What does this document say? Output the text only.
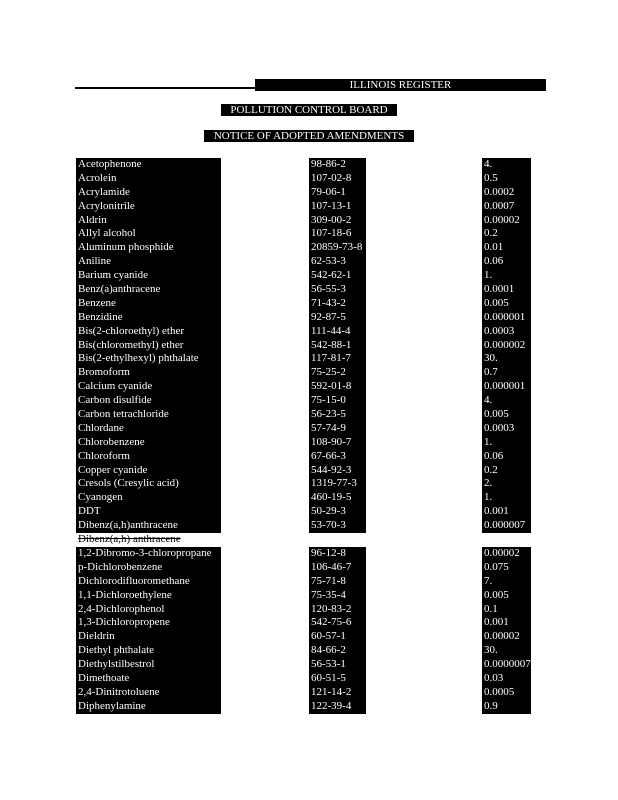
ILLINOIS REGISTER
POLLUTION CONTROL BOARD
NOTICE OF ADOPTED AMENDMENTS
Acetophenone	98-86-2	4.
Acrolein	107-02-8	0.5
Acrylamide	79-06-1	0.0002
Acrylonitrile	107-13-1	0.0007
Aldrin	309-00-2	0.00002
Allyl alcohol	107-18-6	0.2
Aluminum phosphide	20859-73-8	0.01
Aniline	62-53-3	0.06
Barium cyanide	542-62-1	1.
Benz(a)anthracene	56-55-3	0.0001
Benzene	71-43-2	0.005
Benzidine	92-87-5	0.000001
Bis(2-chloroethyl) ether	111-44-4	0.0003
Bis(chloromethyl) ether	542-88-1	0.000002
Bis(2-ethylhexyl) phthalate	117-81-7	30.
Bromoform	75-25-2	0.7
Calcium cyanide	592-01-8	0.000001
Carbon disulfide	75-15-0	4.
Carbon tetrachloride	56-23-5	0.005
Chlordane	57-74-9	0.0003
Chlorobenzene	108-90-7	1.
Chloroform	67-66-3	0.06
Copper cyanide	544-92-3	0.2
Cresols (Cresylic acid)	1319-77-3	2.
Cyanogen	460-19-5	1.
DDT	50-29-3	0.001
Dibenz(a,h)anthracene	53-70-3	0.000007
Dibenz(a,h) anthracene
1,2-Dibromo-3-chloropropane	96-12-8	0.00002
p-Dichlorobenzene	106-46-7	0.075
Dichlorodifluoromethane	75-71-8	7.
1,1-Dichloroethylene	75-35-4	0.005
2,4-Dichlorophenol	120-83-2	0.1
1,3-Dichloropropene	542-75-6	0.001
Dieldrin	60-57-1	0.00002
Diethyl phthalate	84-66-2	30.
Diethylstilbestrol	56-53-1	0.0000007
Dimethoate	60-51-5	0.03
2,4-Dinitrotoluene	121-14-2	0.0005
Diphenylamine	122-39-4	0.9
